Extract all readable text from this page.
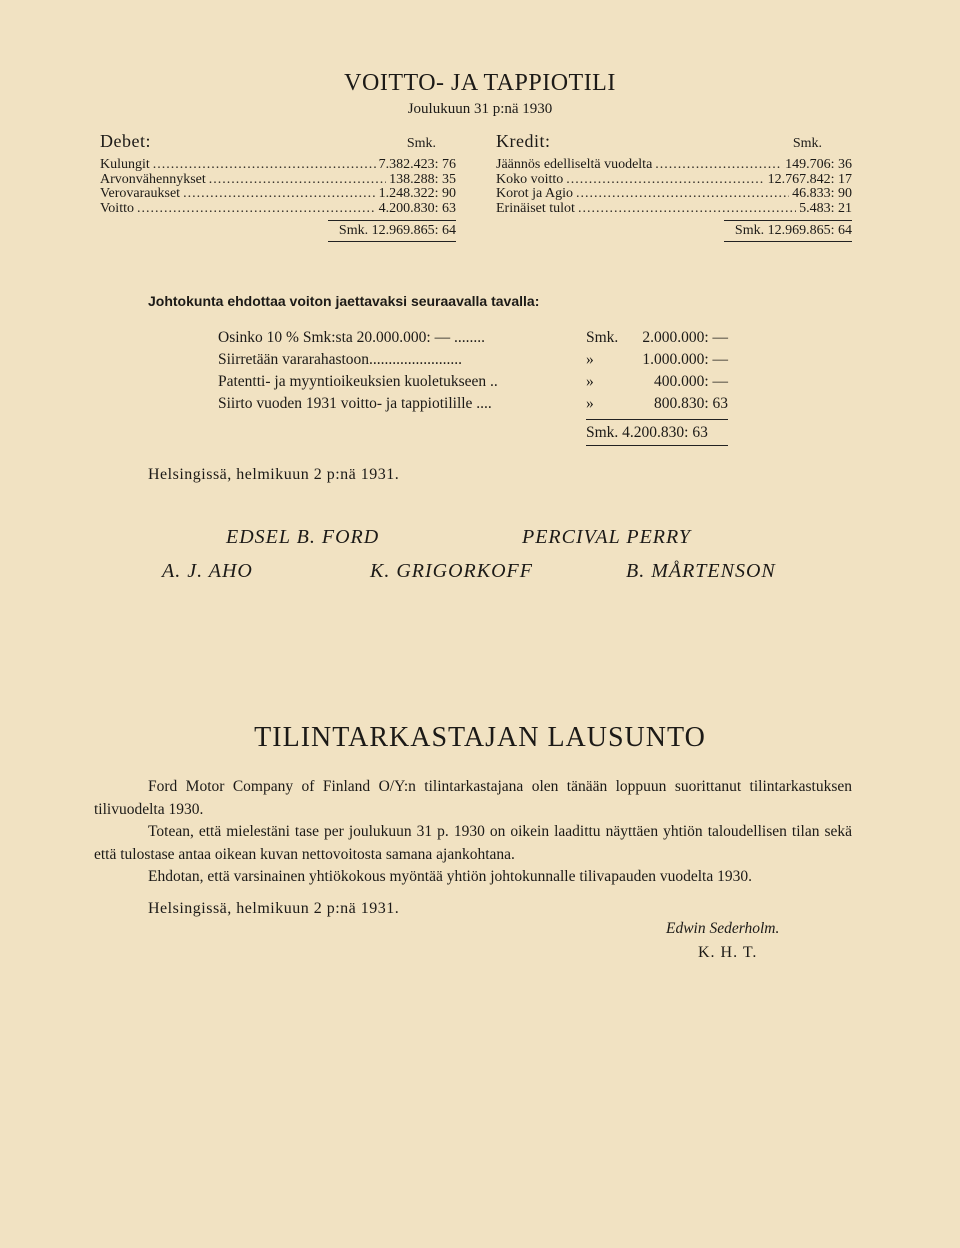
VOITTO- JA TAPPIOTILI
Joulukuun 31 p:nä 1930
Debet:	Smk.
Kulungit .....	7.382.423: 76
Arvonvähennykset .....	138.288: 35
Verovaraukset .....	1.248.322: 90
Voitto .....	4.200.830: 63
Smk. 12.969.865: 64
Kredit:	Smk.
Jäännös edelliseltä vuodelta .....	149.706: 36
Koko voitto .....	12.767.842: 17
Korot ja Agio .....	46.833: 90
Erinäiset tulot .....	5.483: 21
Smk. 12.969.865: 64
Johtokunta ehdottaa voiton jaettavaksi seuraavalla tavalla:
Osinko 10 % Smk:sta 20.000.000: — ........	Smk. 2.000.000: —
Siirretään vararahastoon........................	»	1.000.000: —
Patentti- ja myyntioikeuksien kuoletukseen ..	»	400.000: —
Siirto vuoden 1931 voitto- ja tappiotilille ....	»	800.830: 63
Smk. 4.200.830: 63
Helsingissä, helmikuun 2 p:nä 1931.
EDSEL B. FORD	PERCIVAL PERRY
A. J. AHO	K. GRIGORKOFF	B. MÅRTENSON
TILINTARKASTAJAN LAUSUNTO

Ford Motor Company of Finland O/Y:n tilintarkastajana olen tänään loppuun suorittanut tilintarkastuksen tilivuodelta 1930.

Totean, että mielestäni tase per joulukuun 31 p. 1930 on oikein laadittu näyttäen yhtiön taloudellisen tilan sekä että tulostase antaa oikean kuvan nettovoitosta samana ajankohtana.

Ehdotan, että varsinainen yhtiökokous myöntää yhtiön johtokunnalle tilivapauden vuodelta 1930.

Helsingissä, helmikuun 2 p:nä 1931.
Edwin Sederholm.
K. H. T.
